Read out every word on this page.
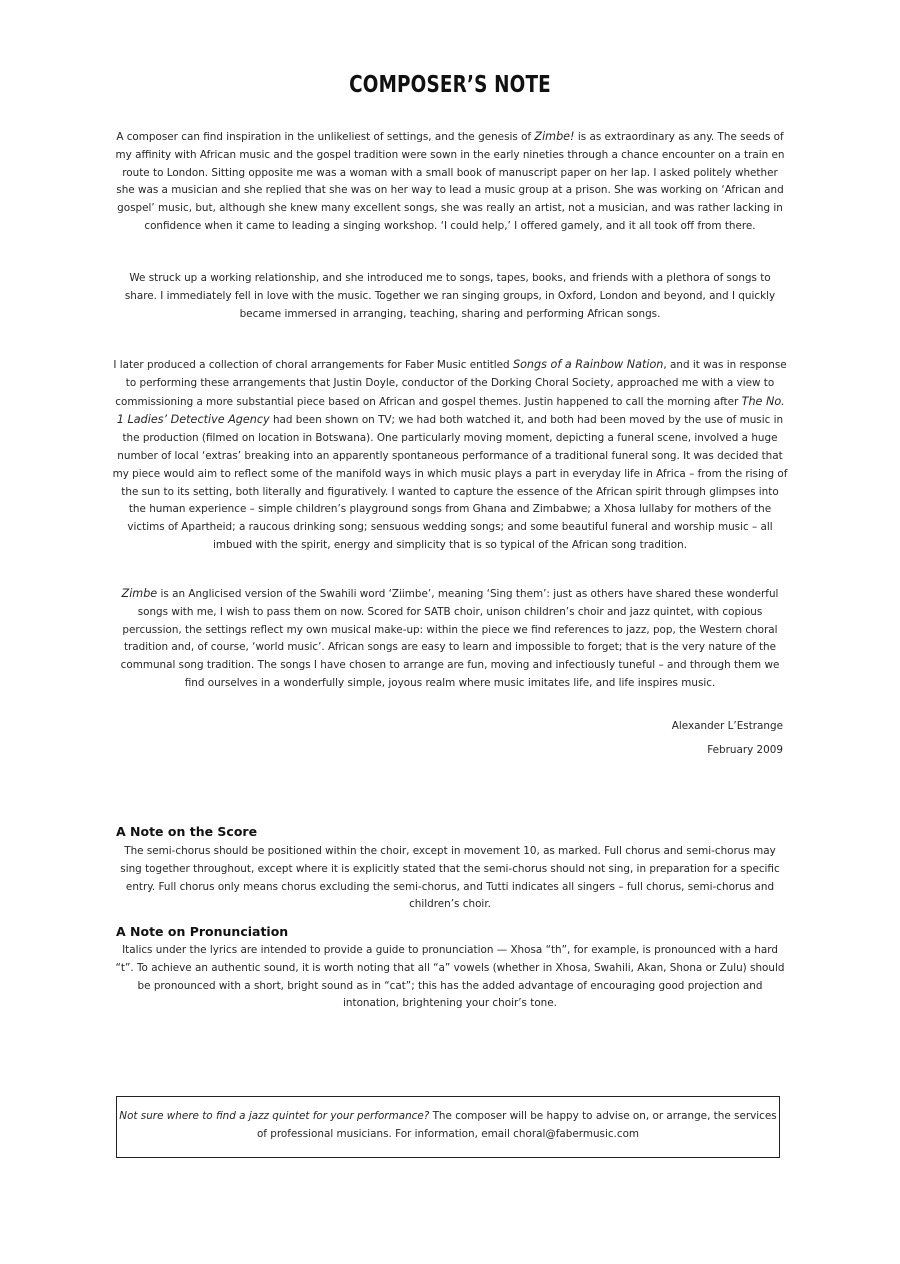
COMPOSER’S NOTE

A composer can find inspiration in the unlikeliest of settings, and the genesis of Zimbe! is as extraordinary as any. The seeds of my affinity with African music and the gospel tradition were sown in the early nineties through a chance encounter on a train en route to London. Sitting opposite me was a woman with a small book of manuscript paper on her lap. I asked politely whether she was a musician and she replied that she was on her way to lead a music group at a prison. She was working on ‘African and gospel’ music, but, although she knew many excellent songs, she was really an artist, not a musician, and was rather lacking in confidence when it came to leading a singing workshop. ‘I could help,’ I offered gamely, and it all took off from there.

We struck up a working relationship, and she introduced me to songs, tapes, books, and friends with a plethora of songs to share. I immediately fell in love with the music. Together we ran singing groups, in Oxford, London and beyond, and I quickly became immersed in arranging, teaching, sharing and performing African songs.

I later produced a collection of choral arrangements for Faber Music entitled Songs of a Rainbow Nation, and it was in response to performing these arrangements that Justin Doyle, conductor of the Dorking Choral Society, approached me with a view to commissioning a more substantial piece based on African and gospel themes. Justin happened to call the morning after The No. 1 Ladies’ Detective Agency had been shown on TV; we had both watched it, and both had been moved by the use of music in the production (filmed on location in Botswana). One particularly moving moment, depicting a funeral scene, involved a huge number of local ‘extras’ breaking into an apparently spontaneous performance of a traditional funeral song. It was decided that my piece would aim to reflect some of the manifold ways in which music plays a part in everyday life in Africa – from the rising of the sun to its setting, both literally and figuratively. I wanted to capture the essence of the African spirit through glimpses into the human experience – simple children’s playground songs from Ghana and Zimbabwe; a Xhosa lullaby for mothers of the victims of Apartheid; a raucous drinking song; sensuous wedding songs; and some beautiful funeral and worship music – all imbued with the spirit, energy and simplicity that is so typical of the African song tradition.

Zimbe is an Anglicised version of the Swahili word ‘Ziimbe’, meaning ‘Sing them’: just as others have shared these wonderful songs with me, I wish to pass them on now. Scored for SATB choir, unison children’s choir and jazz quintet, with copious percussion, the settings reflect my own musical make-up: within the piece we find references to jazz, pop, the Western choral tradition and, of course, ‘world music’. African songs are easy to learn and impossible to forget; that is the very nature of the communal song tradition. The songs I have chosen to arrange are fun, moving and infectiously tuneful – and through them we find ourselves in a wonderfully simple, joyous realm where music imitates life, and life inspires music.

Alexander L’Estrange

February 2009

A Note on the Score

The semi-chorus should be positioned within the choir, except in movement 10, as marked. Full chorus and semi-chorus may sing together throughout, except where it is explicitly stated that the semi-chorus should not sing, in preparation for a specific entry. Full chorus only means chorus excluding the semi-chorus, and Tutti indicates all singers – full chorus, semi-chorus and children’s choir.

A Note on Pronunciation

Italics under the lyrics are intended to provide a guide to pronunciation — Xhosa “th”, for example, is pronounced with a hard “t”. To achieve an authentic sound, it is worth noting that all “a” vowels (whether in Xhosa, Swahili, Akan, Shona or Zulu) should be pronounced with a short, bright sound as in “cat”; this has the added advantage of encouraging good projection and intonation, brightening your choir’s tone.

Not sure where to find a jazz quintet for your performance? The composer will be happy to advise on, or arrange, the services of professional musicians. For information, email choral@fabermusic.com
